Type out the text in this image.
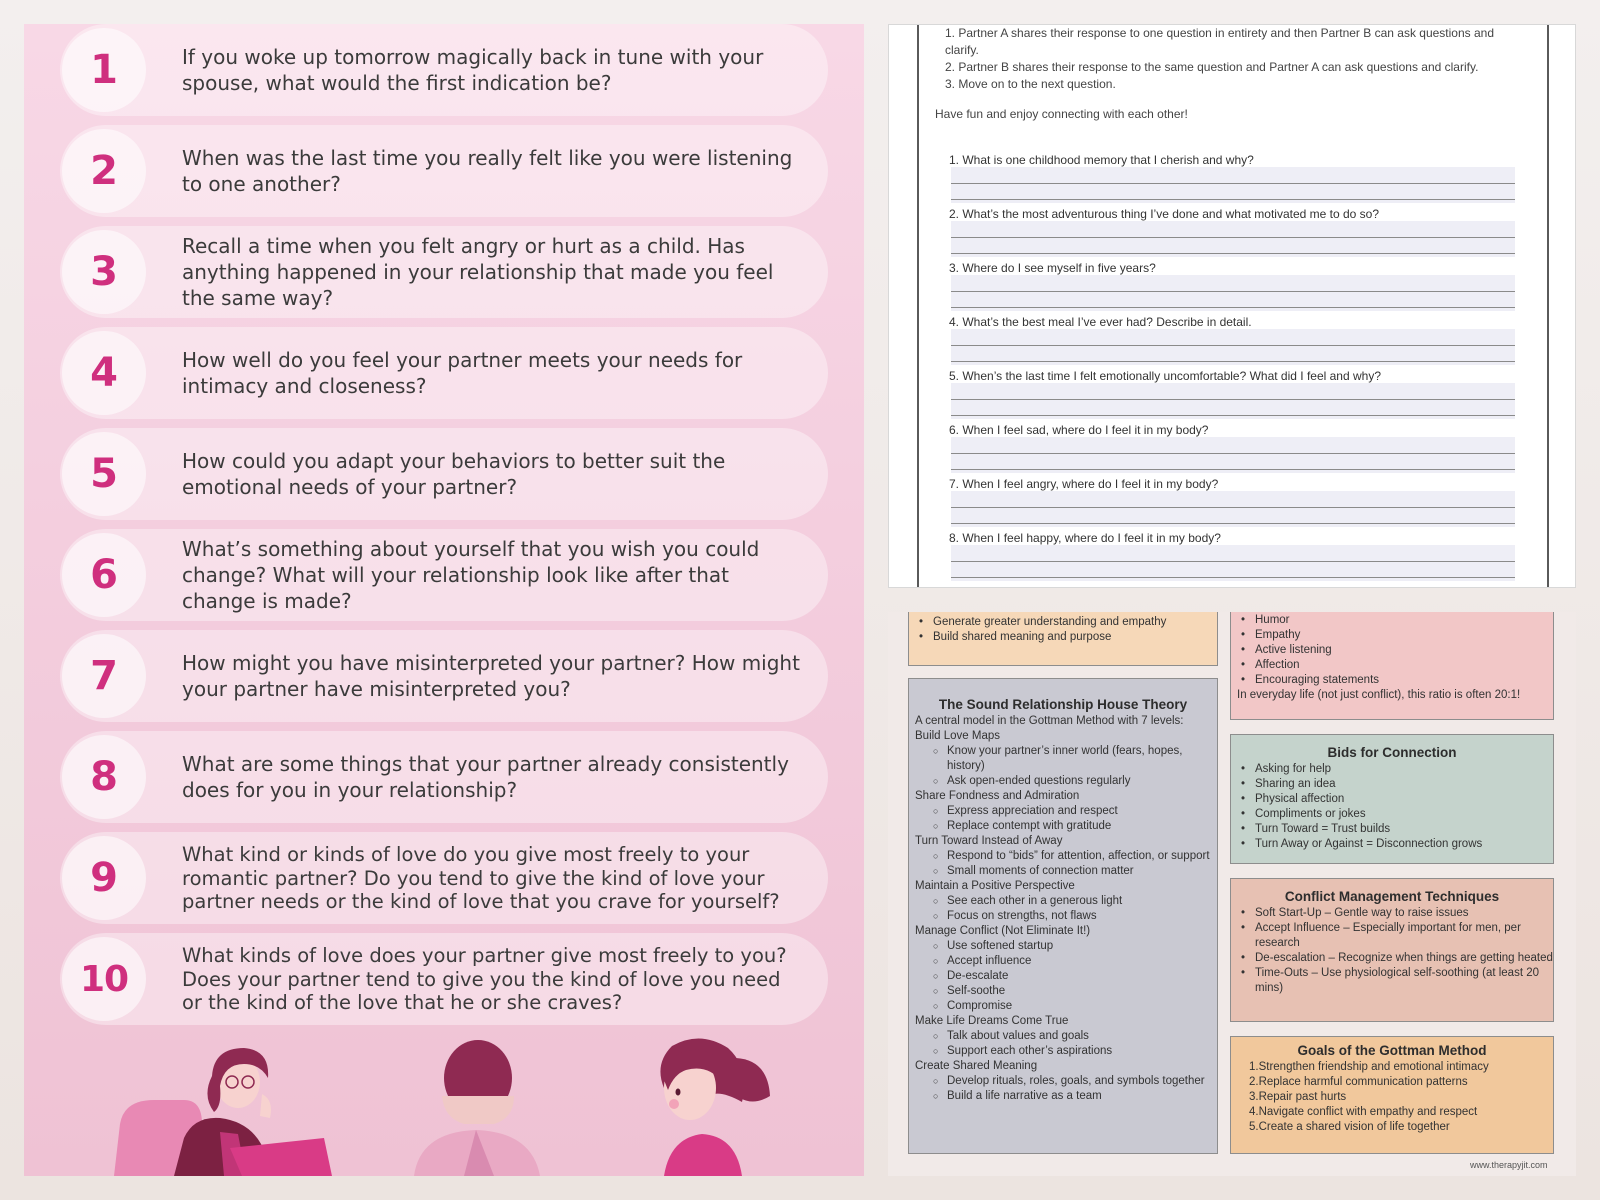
1	If you woke up tomorrow magically back in tune with your spouse, what would the first indication be?
2	When was the last time you really felt like you were listening to one another?
3
Recall a time when you felt angry or hurt as a child. Has anything happened in your relationship that made you feel the same way?
4	How well do you feel your partner meets your needs for intimacy and closeness?
5	How could you adapt your behaviors to better suit the emotional needs of your partner?
6
What’s something about yourself that you wish you could change? What will your relationship look like after that change is made?
7	How might you have misinterpreted your partner? How might your partner have misinterpreted you?
8	What are some things that your partner already consistently does for you in your relationship?
9
What kind or kinds of love do you give most freely to your romantic partner? Do you tend to give the kind of love your partner needs or the kind of love that you crave for yourself?
10
What kinds of love does your partner give most freely to you? Does your partner tend to give you the kind of love you need or the kind of the love that he or she craves?
1. Partner A shares their response to one question in entirety and then Partner B can ask questions and
clarify.
2. Partner B shares their response to the same question and Partner A can ask questions and clarify.
3. Move on to the next question.
Have fun and enjoy connecting with each other!
1. What is one childhood memory that I cherish and why?
2. What’s the most adventurous thing I’ve done and what motivated me to do so?
3. Where do I see myself in five years?
4. What’s the best meal I’ve ever had? Describe in detail.
5. When’s the last time I felt emotionally uncomfortable? What did I feel and why?
6. When I feel sad, where do I feel it in my body?
7. When I feel angry, where do I feel it in my body?
8. When I feel happy, where do I feel it in my body?
• Generate greater understanding and empathy
• Build shared meaning and purpose
• Humor
• Empathy
• Active listening
• Affection
• Encouraging statements
In everyday life (not just conflict), this ratio is often 20:1!
The Sound Relationship House Theory
A central model in the Gottman Method with 7 levels:
Build Love Maps
○ Know your partner’s inner world (fears, hopes, history)
○ Ask open-ended questions regularly
Share Fondness and Admiration
○ Express appreciation and respect
○ Replace contempt with gratitude
Turn Toward Instead of Away
○ Respond to “bids” for attention, affection, or support
○ Small moments of connection matter
Maintain a Positive Perspective
○ See each other in a generous light
○ Focus on strengths, not flaws
Manage Conflict (Not Eliminate It!)
○ Use softened startup
○ Accept influence
○ De-escalate
○ Self-soothe
○ Compromise
Make Life Dreams Come True
○ Talk about values and goals
○ Support each other’s aspirations
Create Shared Meaning
○ Develop rituals, roles, goals, and symbols together
○ Build a life narrative as a team
Bids for Connection
• Asking for help
• Sharing an idea
• Physical affection
• Compliments or jokes
• Turn Toward = Trust builds
• Turn Away or Against = Disconnection grows
Conflict Management Techniques
• Soft Start-Up – Gentle way to raise issues
• Accept Influence – Especially important for men, per research
• De-escalation – Recognize when things are getting heated
• Time-Outs – Use physiological self-soothing (at least 20 mins)
Goals of the Gottman Method
1.Strengthen friendship and emotional intimacy
2.Replace harmful communication patterns
3.Repair past hurts
4.Navigate conflict with empathy and respect
5.Create a shared vision of life together
www.therapyjit.com
